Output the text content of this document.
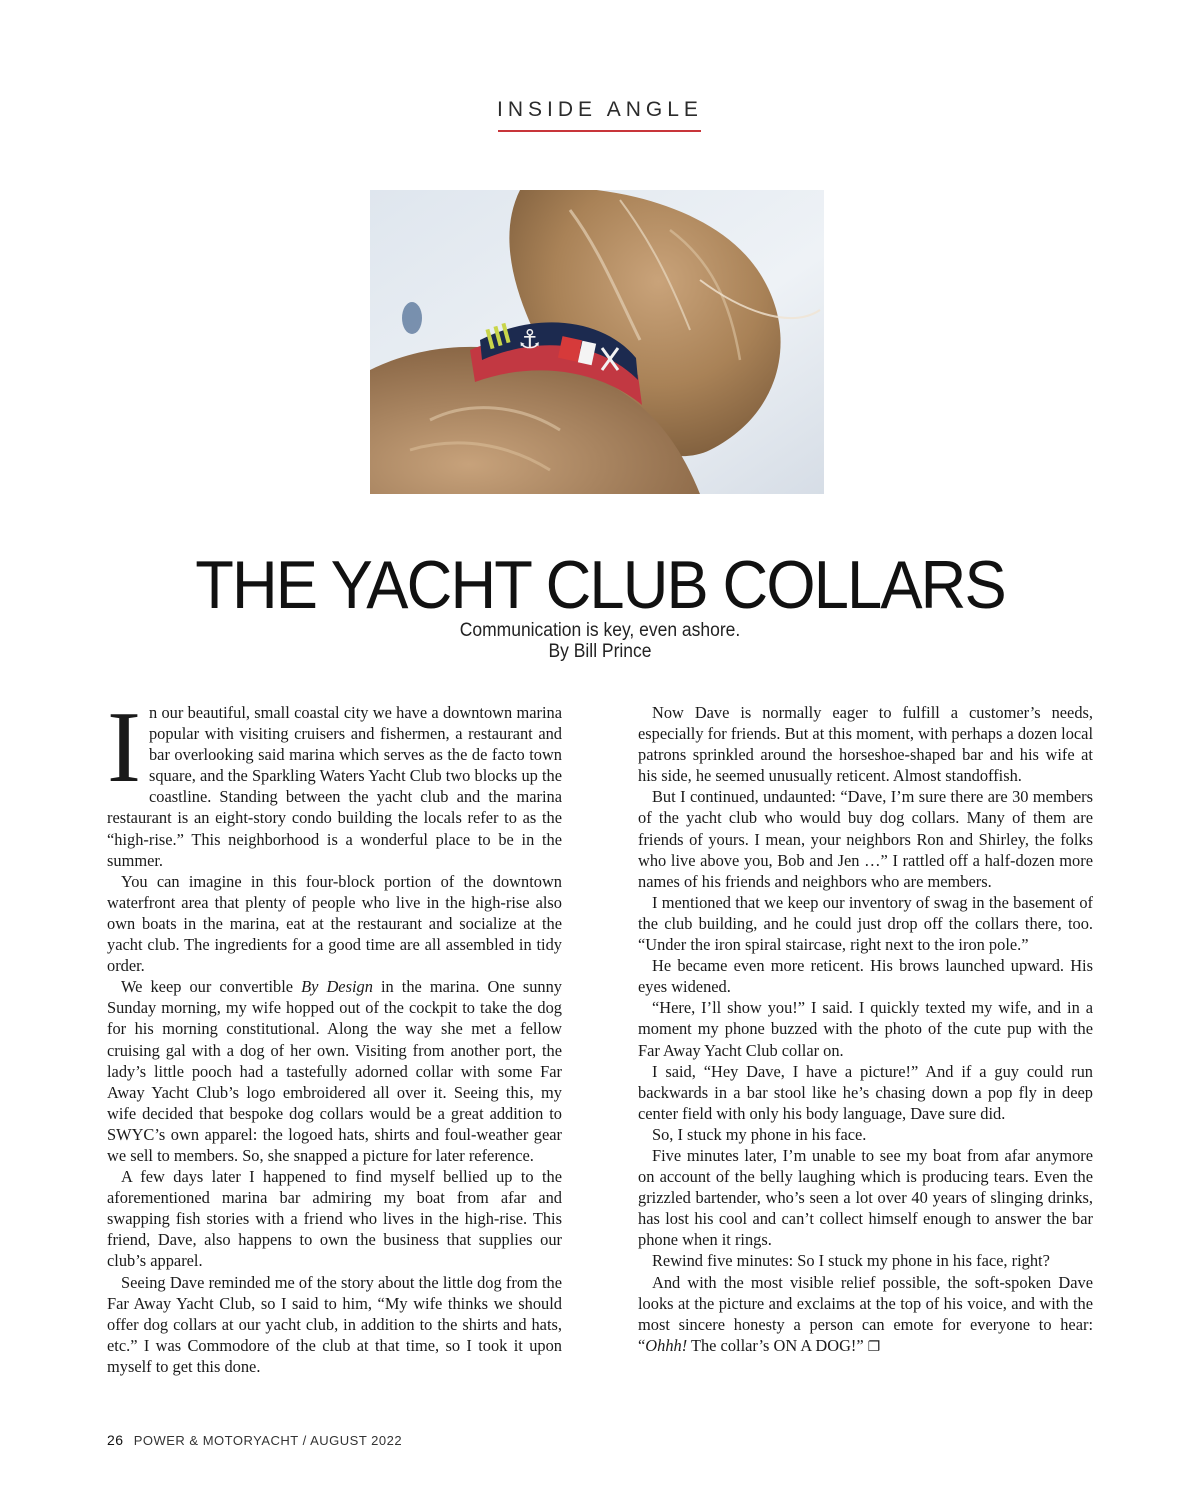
INSIDE ANGLE
⚓
THE YACHT CLUB COLLARS
Communication is key, even ashore.
By Bill Prince

In our beautiful, small coastal city we have a downtown marina popular with visiting cruisers and fishermen, a restaurant and bar overlooking said marina which serves as the de facto town square, and the Sparkling Waters Yacht Club two blocks up the coastline. Standing between the yacht club and the marina restaurant is an eight-story condo building the locals refer to as the “high-rise.” This neighborhood is a wonderful place to be in the summer.

You can imagine in this four-block portion of the downtown waterfront area that plenty of people who live in the high-rise also own boats in the marina, eat at the restaurant and socialize at the yacht club. The ingredients for a good time are all assembled in tidy order.

We keep our convertible By Design in the marina. One sunny Sunday morning, my wife hopped out of the cockpit to take the dog for his morning constitutional. Along the way she met a fellow cruising gal with a dog of her own. Visiting from another port, the lady’s little pooch had a tastefully adorned collar with some Far Away Yacht Club’s logo embroidered all over it. Seeing this, my wife decided that bespoke dog collars would be a great addition to SWYC’s own apparel: the logoed hats, shirts and foul-weather gear we sell to members. So, she snapped a picture for later reference.

A few days later I happened to find myself bellied up to the aforementioned marina bar admiring my boat from afar and swapping fish stories with a friend who lives in the high-rise. This friend, Dave, also happens to own the business that supplies our club’s apparel.

Seeing Dave reminded me of the story about the little dog from the Far Away Yacht Club, so I said to him, “My wife thinks we should offer dog collars at our yacht club, in addition to the shirts and hats, etc.” I was Commodore of the club at that time, so I took it upon myself to get this done.

Now Dave is normally eager to fulfill a customer’s needs, especially for friends. But at this moment, with perhaps a dozen local patrons sprinkled around the horseshoe-shaped bar and his wife at his side, he seemed unusually reticent. Almost standoffish.

But I continued, undaunted: “Dave, I’m sure there are 30 members of the yacht club who would buy dog collars. Many of them are friends of yours. I mean, your neighbors Ron and Shirley, the folks who live above you, Bob and Jen …” I rattled off a half-dozen more names of his friends and neighbors who are members.

I mentioned that we keep our inventory of swag in the basement of the club building, and he could just drop off the collars there, too. “Under the iron spiral staircase, right next to the iron pole.”

He became even more reticent. His brows launched upward. His eyes widened.

“Here, I’ll show you!” I said. I quickly texted my wife, and in a moment my phone buzzed with the photo of the cute pup with the Far Away Yacht Club collar on.

I said, “Hey Dave, I have a picture!” And if a guy could run backwards in a bar stool like he’s chasing down a pop fly in deep center field with only his body language, Dave sure did.

So, I stuck my phone in his face.

Five minutes later, I’m unable to see my boat from afar anymore on account of the belly laughing which is producing tears. Even the grizzled bartender, who’s seen a lot over 40 years of slinging drinks, has lost his cool and can’t collect himself enough to answer the bar phone when it rings.

Rewind five minutes: So I stuck my phone in his face, right?

And with the most visible relief possible, the soft-spoken Dave looks at the picture and exclaims at the top of his voice, and with the most sincere honesty a person can emote for everyone to hear: “Ohhh! The collar’s ON A DOG!” ❐

26 POWER & MOTORYACHT / AUGUST 2022
